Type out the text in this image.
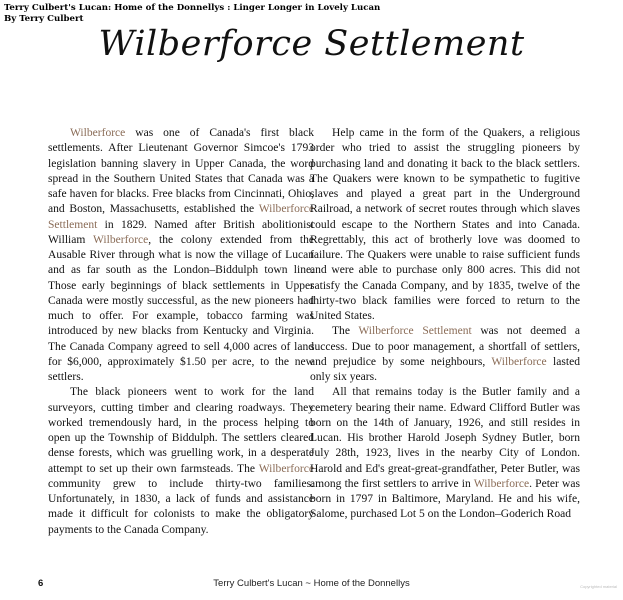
Terry Culbert's Lucan: Home of the Donnellys : Linger Longer in Lovely Lucan
By Terry Culbert
Wilberforce Settlement

Wilberforce was one of Canada's first black settlements. After Lieutenant Governor Simcoe's 1793 legislation banning slavery in Upper Canada, the word spread in the Southern United States that Canada was a safe haven for blacks. Free blacks from Cincinnati, Ohio, and Boston, Massachusetts, established the Wilberforce Settlement in 1829. Named after British abolitionist William Wilberforce, the colony extended from the Ausable River through what is now the village of Lucan and as far south as the London–Biddulph town line. Those early beginnings of black settlements in Upper Canada were mostly successful, as the new pioneers had much to offer. For example, tobacco farming was introduced by new blacks from Kentucky and Virginia. The Canada Company agreed to sell 4,000 acres of land for $6,000, approximately $1.50 per acre, to the new settlers.

The black pioneers went to work for the land surveyors, cutting timber and clearing roadways. They worked tremendously hard, in the process helping to open up the Township of Biddulph. The settlers cleared dense forests, which was gruelling work, in a desperate attempt to set up their own farmsteads. The Wilberforce community grew to include thirty-two families. Unfortunately, in 1830, a lack of funds and assistance made it difficult for colonists to make the obligatory payments to the Canada Company.

Help came in the form of the Quakers, a religious order who tried to assist the struggling pioneers by purchasing land and donating it back to the black settlers. The Quakers were known to be sympathetic to fugitive slaves and played a great part in the Underground Railroad, a network of secret routes through which slaves could escape to the Northern States and into Canada. Regrettably, this act of brotherly love was doomed to failure. The Quakers were unable to raise sufficient funds and were able to purchase only 800 acres. This did not satisfy the Canada Company, and by 1835, twelve of the thirty-two black families were forced to return to the United States.

The Wilberforce Settlement was not deemed a success. Due to poor management, a shortfall of settlers, and prejudice by some neighbours, Wilberforce lasted only six years.

All that remains today is the Butler family and a cemetery bearing their name. Edward Clifford Butler was born on the 14th of January, 1926, and still resides in Lucan. His brother Harold Joseph Sydney Butler, born July 28th, 1923, lives in the nearby City of London. Harold and Ed's great-great-grandfather, Peter Butler, was among the first settlers to arrive in Wilberforce. Peter was born in 1797 in Baltimore, Maryland. He and his wife, Salome, purchased Lot 5 on the London–Goderich Road

6	Terry Culbert's Lucan ~ Home of the Donnellys	Copyrighted material
